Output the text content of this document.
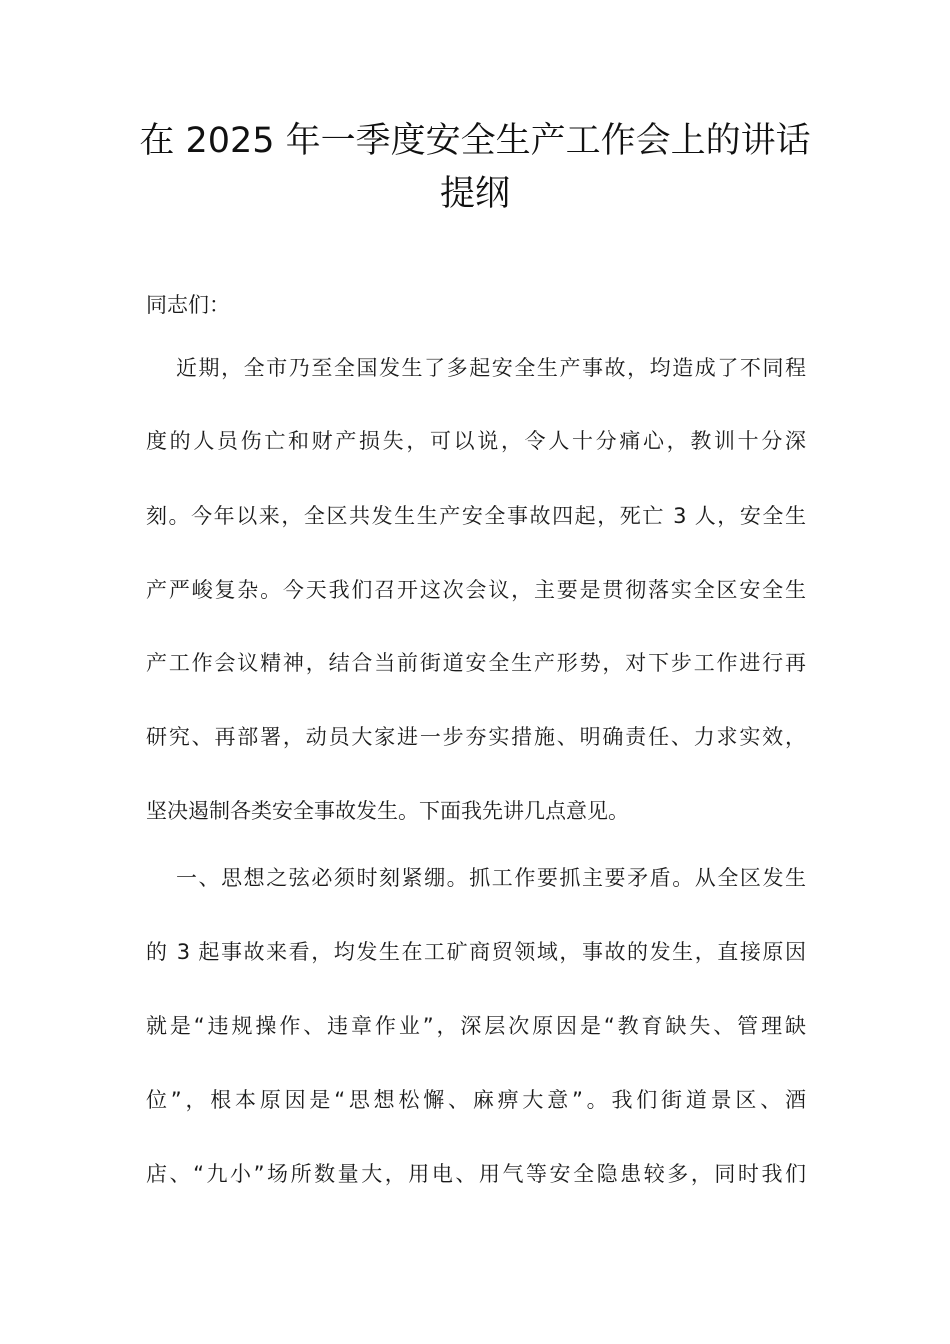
在 2025 年一季度安全生产工作会上的讲话
提纲
同志们：
近期，全市乃至全国发生了多起安全生产事故，均造成了不同程
度的人员伤亡和财产损失，可以说，令人十分痛心，教训十分深
刻。今年以来，全区共发生生产安全事故四起，死亡 3 人，安全生
产严峻复杂。今天我们召开这次会议，主要是贯彻落实全区安全生
产工作会议精神，结合当前街道安全生产形势，对下步工作进行再
研究、再部署，动员大家进一步夯实措施、明确责任、力求实效，
坚决遏制各类安全事故发生。下面我先讲几点意见。
一、思想之弦必须时刻紧绷。抓工作要抓主要矛盾。从全区发生
的 3 起事故来看，均发生在工矿商贸领域，事故的发生，直接原因
就是“违规操作、违章作业”，深层次原因是“教育缺失、管理缺
位”，根本原因是“思想松懈、麻痹大意”。我们街道景区、酒
店、“九小”场所数量大，用电、用气等安全隐患较多，同时我们
